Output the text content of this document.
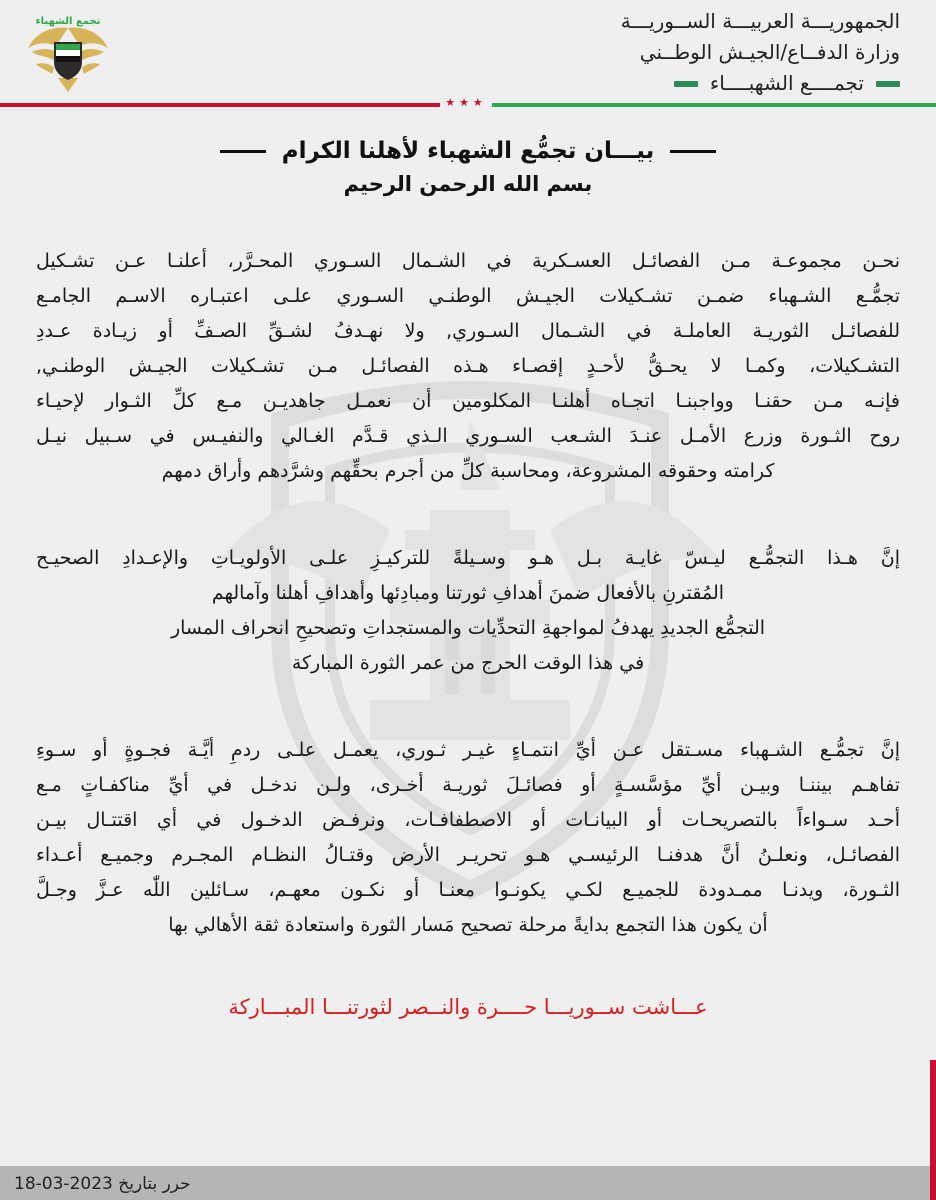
الجمهوريـــة العربيـــة الســوريـــة
وزارة الدفــاع/الجيـش الوطــني
تجمــــع الشهبــــاء
تجمع الشهباء
★★★
بيـــان تجمُّع الشهباء لأهلنا الكرام
بسم الله الرحمن الرحيم
نحـن مجموعـة مـن الفصائـل العسـكرية في الشـمال السـوري المحـرَّر، أعلنـا عـن تشـكيل
تجمُّـع الشـهباء ضمـن تشـكيلات الجيـش الوطنـي السـوري علـى اعتبـاره الاسـم الجامـع
للفصائـل الثوريـة العاملـة في الشـمال السـوري, ولا نهـدفُ لشـقِّ الصـفِّ أو زيـادة عـددِ
التشـكيلات، وكمـا لا يحـقُّ لأحـدٍ إقصـاء هـذه الفصائـل مـن تشـكيلات الجيـش الوطنـي,
فإنـه مـن حقنـا وواجبنـا اتجـاه أهلنـا المكلومين أن نعمـل جاهديـن مـع كلِّ الثـوار لإحيـاء
روح الثـورة وزرع الأمـل عنـدَ الشـعب السـوري الـذي قـدَّم الغـالي والنفيـس في سـبيل نيـل
كرامته وحقوقه المشروعة، ومحاسبة كلِّ من أجرم بحقِّهم وشرَّدهم وأراق دمهم
إنَّ هـذا التجمُّـع ليـسّ غايـة بـل هـو وسـيلةً للتركيـزِ علـى الأولويـاتِ والإعـدادِ الصحيـح
المُقترنِ بالأفعال ضمنَ أهدافِ ثورتنا ومبادِئها وأهدافِ أهلنا وآمالهم
التجمُّع الجديدِ يهدفُ لمواجهةِ التحدِّيات والمستجداتِ وتصحيحِ انحراف المسار
في هذا الوقت الحرج من عمر الثورة المباركة
إنَّ تجمُّـع الشـهباء مسـتقل عـن أيِّ انتمـاءٍ غيـر ثـوري، يعمـل علـى ردمِ أيَّـة فجـوةٍ أو سـوءِ
تفاهـم بيننـا وبيـن أيِّ مؤسَّسـةٍ أو فصائـلَ ثوريـة أخـرى، ولـن ندخـل في أيِّ مناكفـاتٍ مـع
أحـد سـواءاً بالتصريحـات أو البيانـات أو الاصطفافـات، ونرفـض الدخـول في أي اقتتـال بيـن
الفصائـل، ونعلـنُ أنَّ هدفنـا الرئيسـي هـو تحريـر الأرض وقتـالُ النظـام المجـرم وجميـع أعـداء
الثـورة، ويدنـا ممـدودة للجميـع لكـي يكونـوا معنـا أو نكـون معهـم، سـائلين اللّٰه عـزَّ وجـلَّ
أن يكون هذا التجمع بدايةً مرحلة تصحيح مَسار الثورة واستعادة ثقة الأهالي بها
عـــاشت ســوريـــا حــــرة والنــصر لثورتنـــا المبـــاركة
حرر بتاريخ 2023-03-18
